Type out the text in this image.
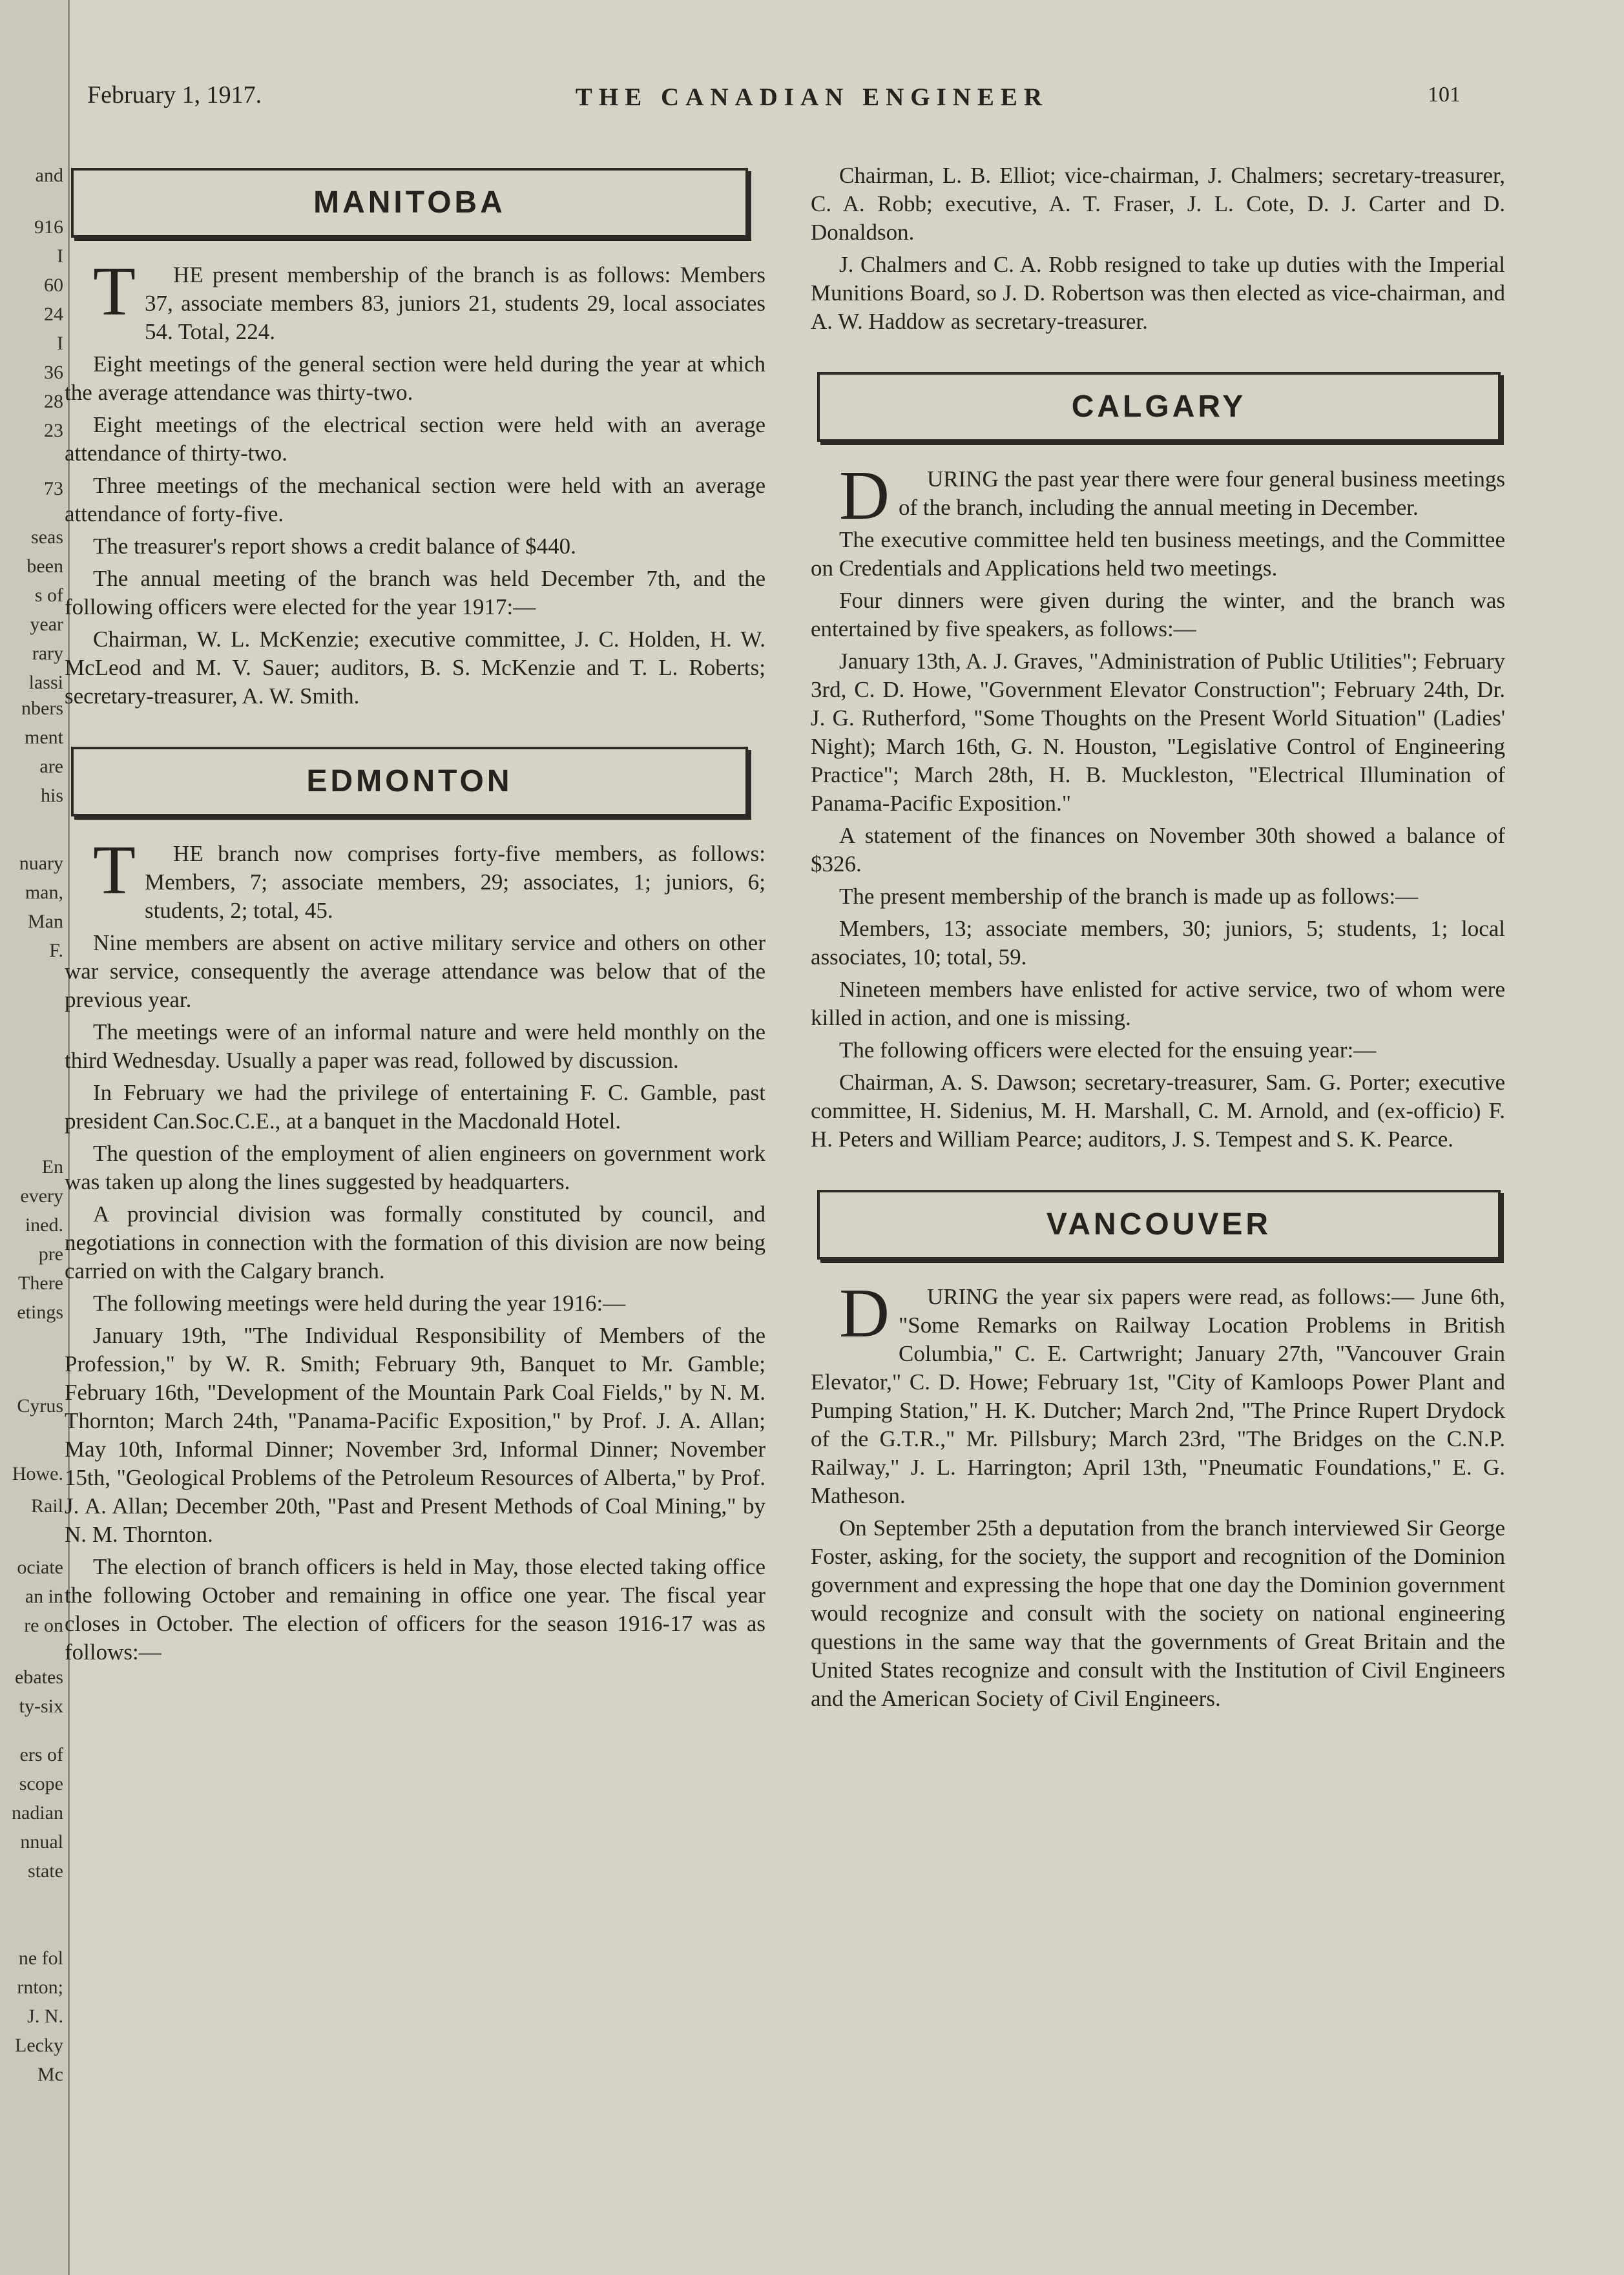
and
916
I
60
24
I
36
28
23
73
seas
been
s of
year
rary
lassi
nbers
ment
are
his
nuary
man,
Man
F.
En
every
ined.
pre
There
etings
Cyrus
Howe.
Rail
ociate
an in
re on
ebates
ty-six
ers of
scope
nadian
nnual
state
ne fol
rnton;
J. N.
Lecky
Mc
February 1, 1917.	THE CANADIAN ENGINEER	101
MANITOBA

THE present membership of the branch is as follows: Members 37, associate members 83, juniors 21, students 29, local associates 54. Total, 224.

Eight meetings of the general section were held during the year at which the average attendance was thirty-two.

Eight meetings of the electrical section were held with an average attendance of thirty-two.

Three meetings of the mechanical section were held with an average attendance of forty-five.

The treasurer's report shows a credit balance of $440.

The annual meeting of the branch was held December 7th, and the following officers were elected for the year 1917:—

Chairman, W. L. McKenzie; executive committee, J. C. Holden, H. W. McLeod and M. V. Sauer; auditors, B. S. McKenzie and T. L. Roberts; secretary-treasurer, A. W. Smith.

EDMONTON

THE branch now comprises forty-five members, as follows: Members, 7; associate members, 29; associates, 1; juniors, 6; students, 2; total, 45.

Nine members are absent on active military service and others on other war service, consequently the average attendance was below that of the previous year.

The meetings were of an informal nature and were held monthly on the third Wednesday. Usually a paper was read, followed by discussion.

In February we had the privilege of entertaining F. C. Gamble, past president Can.Soc.C.E., at a banquet in the Macdonald Hotel.

The question of the employment of alien engineers on government work was taken up along the lines suggested by headquarters.

A provincial division was formally constituted by council, and negotiations in connection with the formation of this division are now being carried on with the Calgary branch.

The following meetings were held during the year 1916:—

January 19th, "The Individual Responsibility of Members of the Profession," by W. R. Smith; February 9th, Banquet to Mr. Gamble; February 16th, "Development of the Mountain Park Coal Fields," by N. M. Thornton; March 24th, "Panama-Pacific Exposition," by Prof. J. A. Allan; May 10th, Informal Dinner; November 3rd, Informal Dinner; November 15th, "Geological Problems of the Petroleum Resources of Alberta," by Prof. J. A. Allan; December 20th, "Past and Present Methods of Coal Mining," by N. M. Thornton.

The election of branch officers is held in May, those elected taking office the following October and remaining in office one year. The fiscal year closes in October. The election of officers for the season 1916-17 was as follows:—

Chairman, L. B. Elliot; vice-chairman, J. Chalmers; secretary-treasurer, C. A. Robb; executive, A. T. Fraser, J. L. Cote, D. J. Carter and D. Donaldson.

J. Chalmers and C. A. Robb resigned to take up duties with the Imperial Munitions Board, so J. D. Robertson was then elected as vice-chairman, and A. W. Haddow as secretary-treasurer.

CALGARY

DURING the past year there were four general business meetings of the branch, including the annual meeting in December.

The executive committee held ten business meetings, and the Committee on Credentials and Applications held two meetings.

Four dinners were given during the winter, and the branch was entertained by five speakers, as follows:—

January 13th, A. J. Graves, "Administration of Public Utilities"; February 3rd, C. D. Howe, "Government Elevator Construction"; February 24th, Dr. J. G. Rutherford, "Some Thoughts on the Present World Situation" (Ladies' Night); March 16th, G. N. Houston, "Legislative Control of Engineering Practice"; March 28th, H. B. Muckleston, "Electrical Illumination of Panama-Pacific Exposition."

A statement of the finances on November 30th showed a balance of $326.

The present membership of the branch is made up as follows:—

Members, 13; associate members, 30; juniors, 5; students, 1; local associates, 10; total, 59.

Nineteen members have enlisted for active service, two of whom were killed in action, and one is missing.

The following officers were elected for the ensuing year:—

Chairman, A. S. Dawson; secretary-treasurer, Sam. G. Porter; executive committee, H. Sidenius, M. H. Marshall, C. M. Arnold, and (ex-officio) F. H. Peters and William Pearce; auditors, J. S. Tempest and S. K. Pearce.

VANCOUVER

DURING the year six papers were read, as follows:— June 6th, "Some Remarks on Railway Location Problems in British Columbia," C. E. Cartwright; January 27th, "Vancouver Grain Elevator," C. D. Howe; February 1st, "City of Kamloops Power Plant and Pumping Station," H. K. Dutcher; March 2nd, "The Prince Rupert Drydock of the G.T.R.," Mr. Pillsbury; March 23rd, "The Bridges on the C.N.P. Railway," J. L. Harrington; April 13th, "Pneumatic Foundations," E. G. Matheson.

On September 25th a deputation from the branch interviewed Sir George Foster, asking, for the society, the support and recognition of the Dominion government and expressing the hope that one day the Dominion government would recognize and consult with the society on national engineering questions in the same way that the governments of Great Britain and the United States recognize and consult with the Institution of Civil Engineers and the American Society of Civil Engineers.
